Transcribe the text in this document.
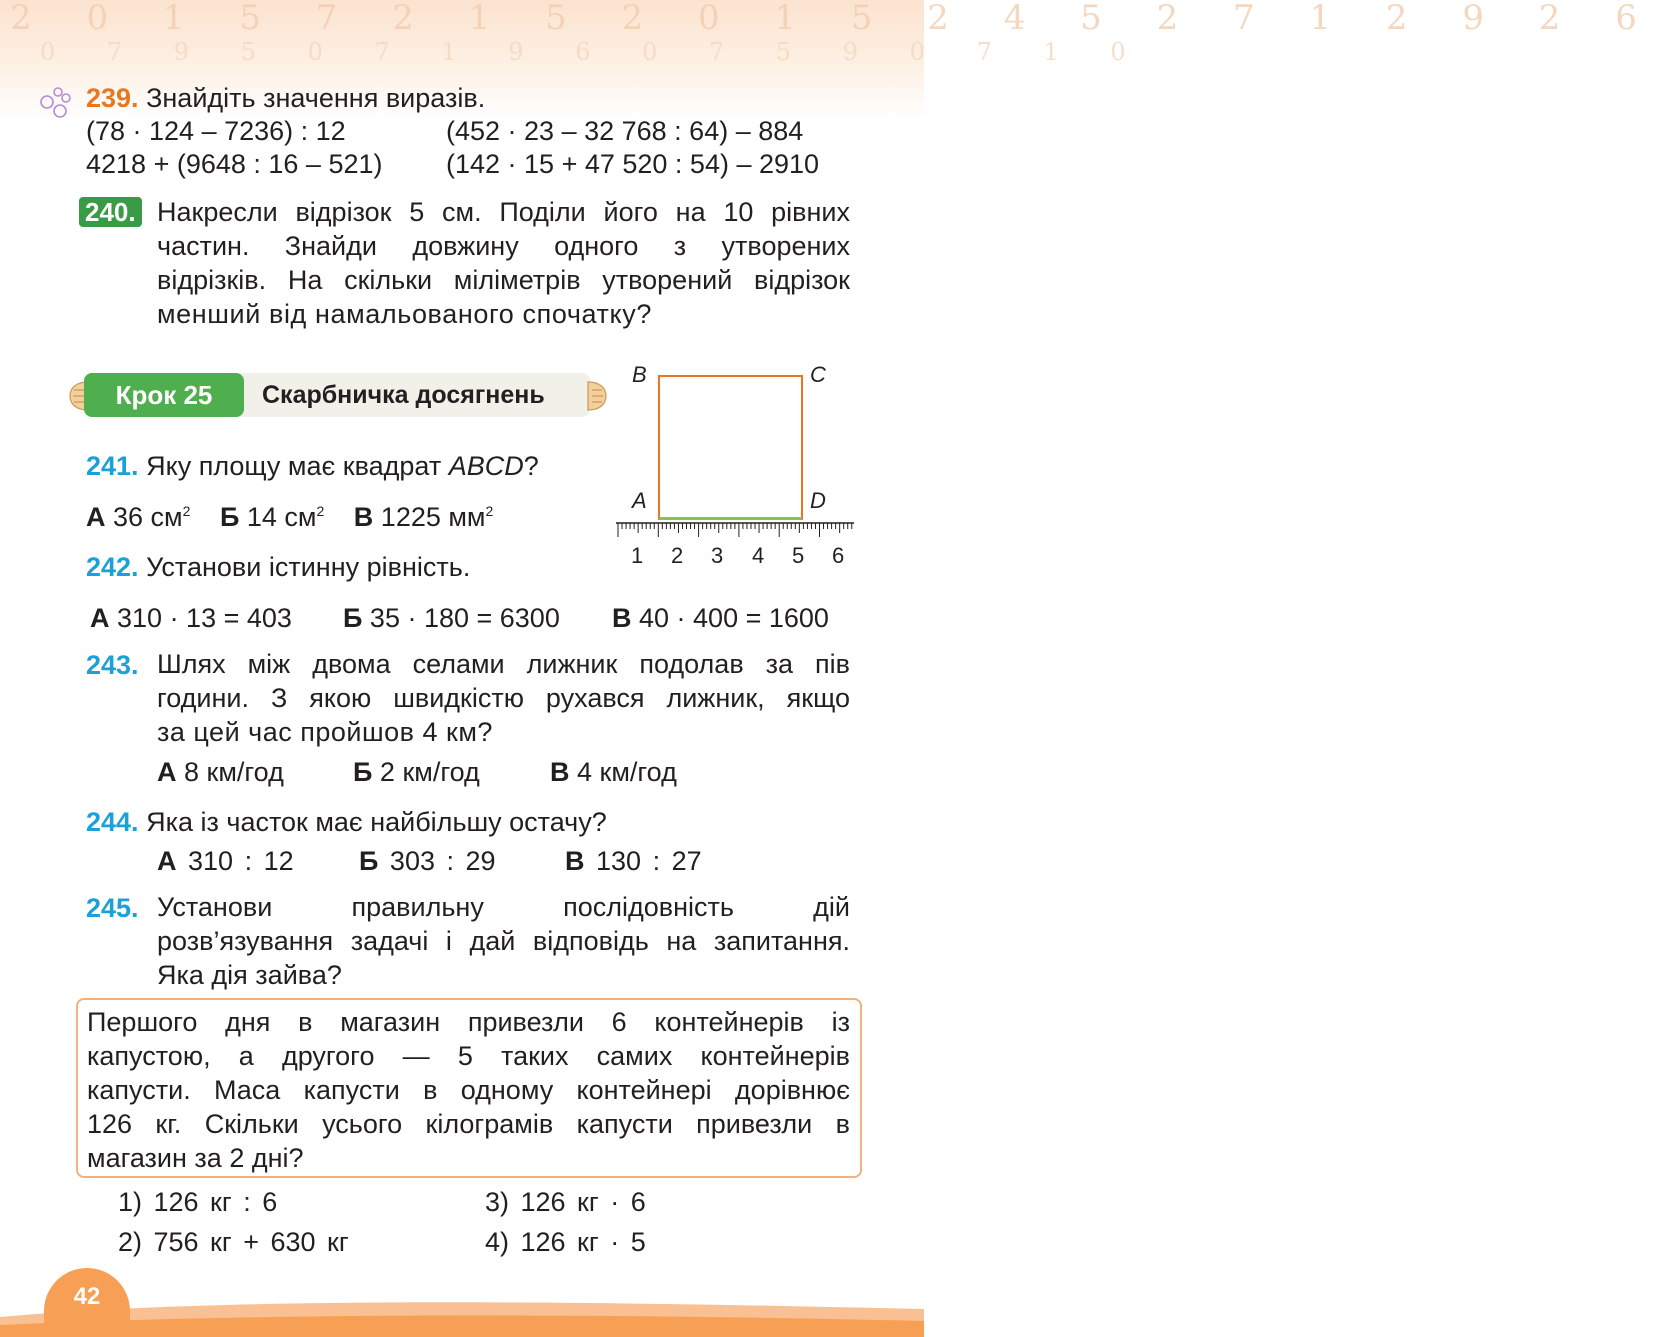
2 0 1 5 7 2 1 5 2 0 1 5 2 4 5 2 7 1 2 9 2 6
0 7 9 5 0 7 1 9 6 0 7 5 9 0 7 1 0
239. Знайдіть значення виразів.
(78 · 124 – 7236) : 12	(452 · 23 – 32 768 : 64) – 884
4218 + (9648 : 16 – 521) (142 · 15 + 47 520 : 54) – 2910
240. Накресли відрізок 5 см. Поділи його на 10 рівних
частин. Знайди довжину одного з утворених
відрізків. На скільки міліметрів утворений відрізок
менший від намальованого спочатку?
Крок 25	Скарбничка досягнень
B	C
A	D
1 2 3 4 5 6
241. Яку площу має квадрат ABCD?
А 36 $см^2$ Б 14 $см^2$ В 1225 $мм^2$
242. Установи істинну рівність.
А 310 · 13 = 403 Б 35 · 180 = 6300 В 40 · 400 = 1600
243. Шлях між двома селами лижник подолав за пів
години. З якою швидкістю рухався лижник, якщо
за цей час пройшов 4 км?
А 8 км/год	Б 2 км/год	В 4 км/год
244. Яка із часток має найбільшу остачу?
А 310 : 12 Б 303 : 29	В 130 : 27
245. Установи правильну послідовність дій
розв’язування задачі і дай відповідь на запитання.
Яка дія зайва?
Першого дня в магазин привезли 6 контейнерів із
капустою, а другого — 5 таких самих контейнерів
капусти. Маса капусти в одному контейнері дорівнює
126 кг. Скільки усього кілограмів капусти привезли в
магазин за 2 дні?
1) 126 кг : 6
2) 756 кг + 630 кг
3) 126 кг · 6
4) 126 кг · 5
42
